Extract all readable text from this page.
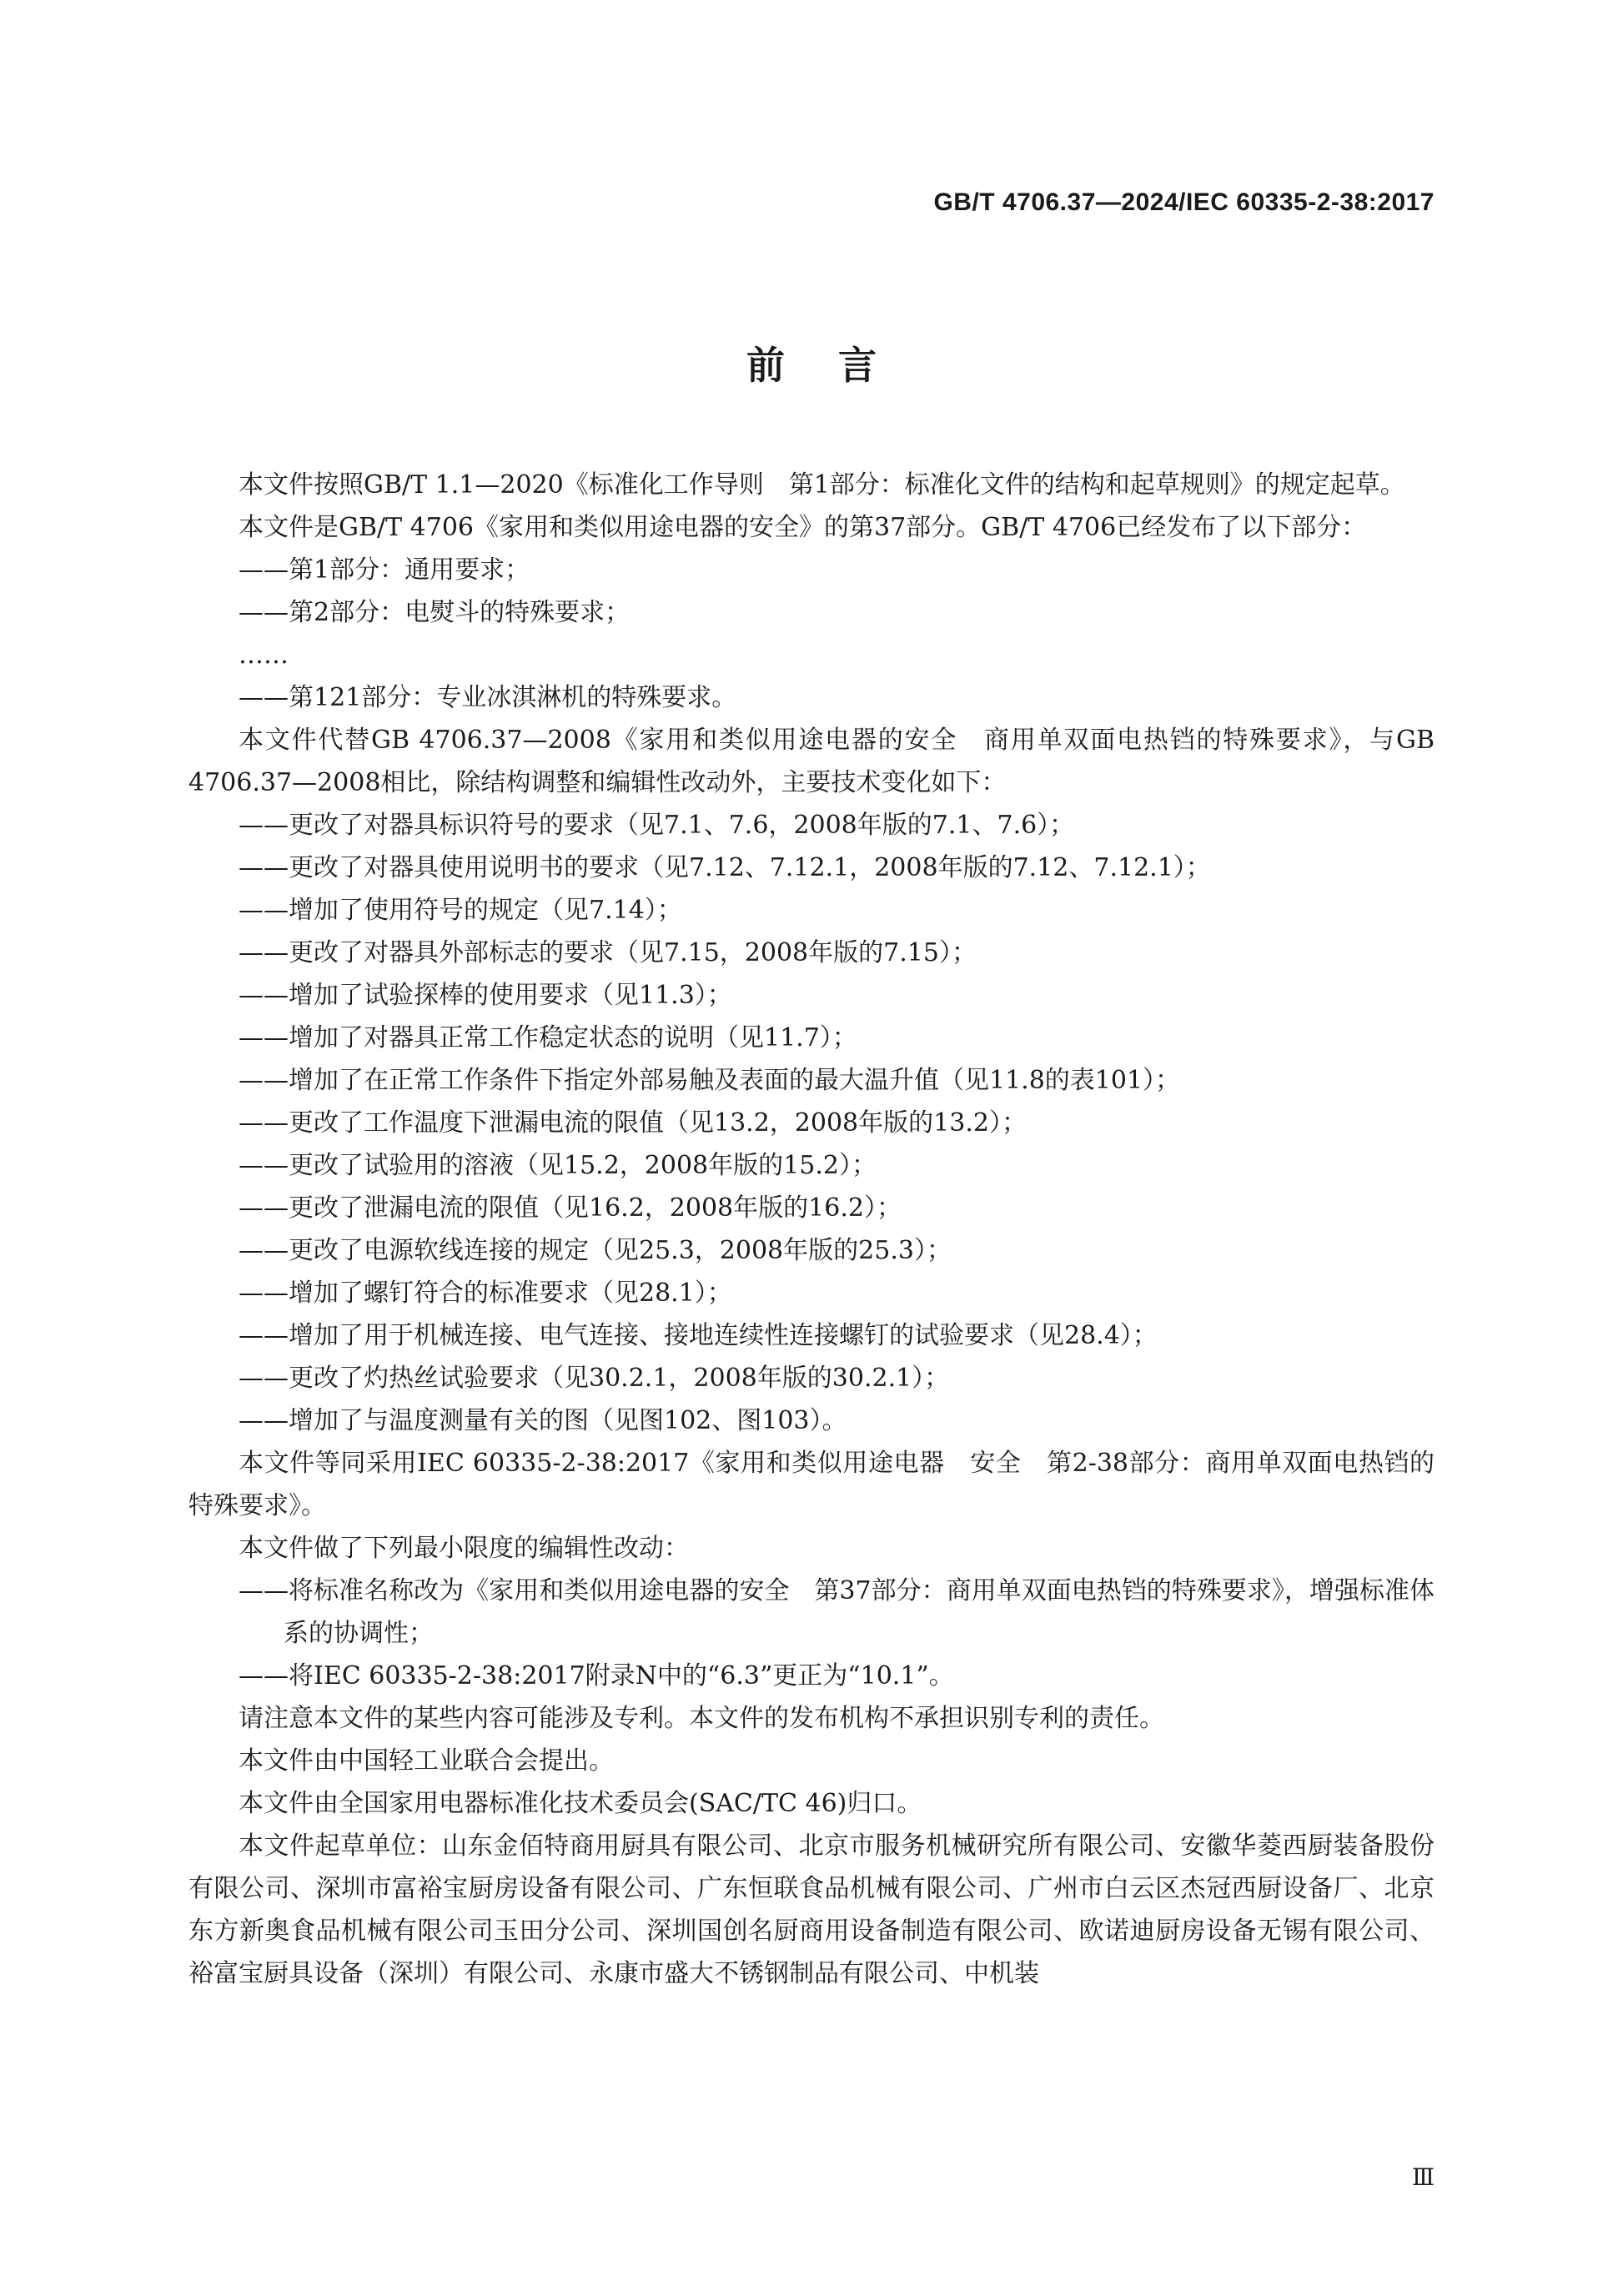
GB/T 4706.37—2024/IEC 60335-2-38:2017
前言

本文件按照GB/T 1.1—2020《标准化工作导则　第1部分：标准化文件的结构和起草规则》的规定起草。

本文件是GB/T 4706《家用和类似用途电器的安全》的第37部分。GB/T 4706已经发布了以下部分：

——第1部分：通用要求；

——第2部分：电熨斗的特殊要求；

……

——第121部分：专业冰淇淋机的特殊要求。

本文件代替GB 4706.37—2008《家用和类似用途电器的安全　商用单双面电热铛的特殊要求》，与GB 4706.37—2008相比，除结构调整和编辑性改动外，主要技术变化如下：

——更改了对器具标识符号的要求（见7.1、7.6，2008年版的7.1、7.6）；

——更改了对器具使用说明书的要求（见7.12、7.12.1，2008年版的7.12、7.12.1）；

——增加了使用符号的规定（见7.14）；

——更改了对器具外部标志的要求（见7.15，2008年版的7.15）；

——增加了试验探棒的使用要求（见11.3）；

——增加了对器具正常工作稳定状态的说明（见11.7）；

——增加了在正常工作条件下指定外部易触及表面的最大温升值（见11.8的表101）；

——更改了工作温度下泄漏电流的限值（见13.2，2008年版的13.2）；

——更改了试验用的溶液（见15.2，2008年版的15.2）；

——更改了泄漏电流的限值（见16.2，2008年版的16.2）；

——更改了电源软线连接的规定（见25.3，2008年版的25.3）；

——增加了螺钉符合的标准要求（见28.1）；

——增加了用于机械连接、电气连接、接地连续性连接螺钉的试验要求（见28.4）；

——更改了灼热丝试验要求（见30.2.1，2008年版的30.2.1）；

——增加了与温度测量有关的图（见图102、图103）。

本文件等同采用IEC 60335-2-38:2017《家用和类似用途电器　安全　第2-38部分：商用单双面电热铛的特殊要求》。

本文件做了下列最小限度的编辑性改动：

——将标准名称改为《家用和类似用途电器的安全　第37部分：商用单双面电热铛的特殊要求》，增强标准体系的协调性；

——将IEC 60335-2-38:2017附录N中的“6.3”更正为“10.1”。

请注意本文件的某些内容可能涉及专利。本文件的发布机构不承担识别专利的责任。

本文件由中国轻工业联合会提出。

本文件由全国家用电器标准化技术委员会(SAC/TC 46)归口。

本文件起草单位：山东金佰特商用厨具有限公司、北京市服务机械研究所有限公司、安徽华菱西厨装备股份有限公司、深圳市富裕宝厨房设备有限公司、广东恒联食品机械有限公司、广州市白云区杰冠西厨设备厂、北京东方新奥食品机械有限公司玉田分公司、深圳国创名厨商用设备制造有限公司、欧诺迪厨房设备无锡有限公司、裕富宝厨具设备（深圳）有限公司、永康市盛大不锈钢制品有限公司、中机装

Ⅲ
